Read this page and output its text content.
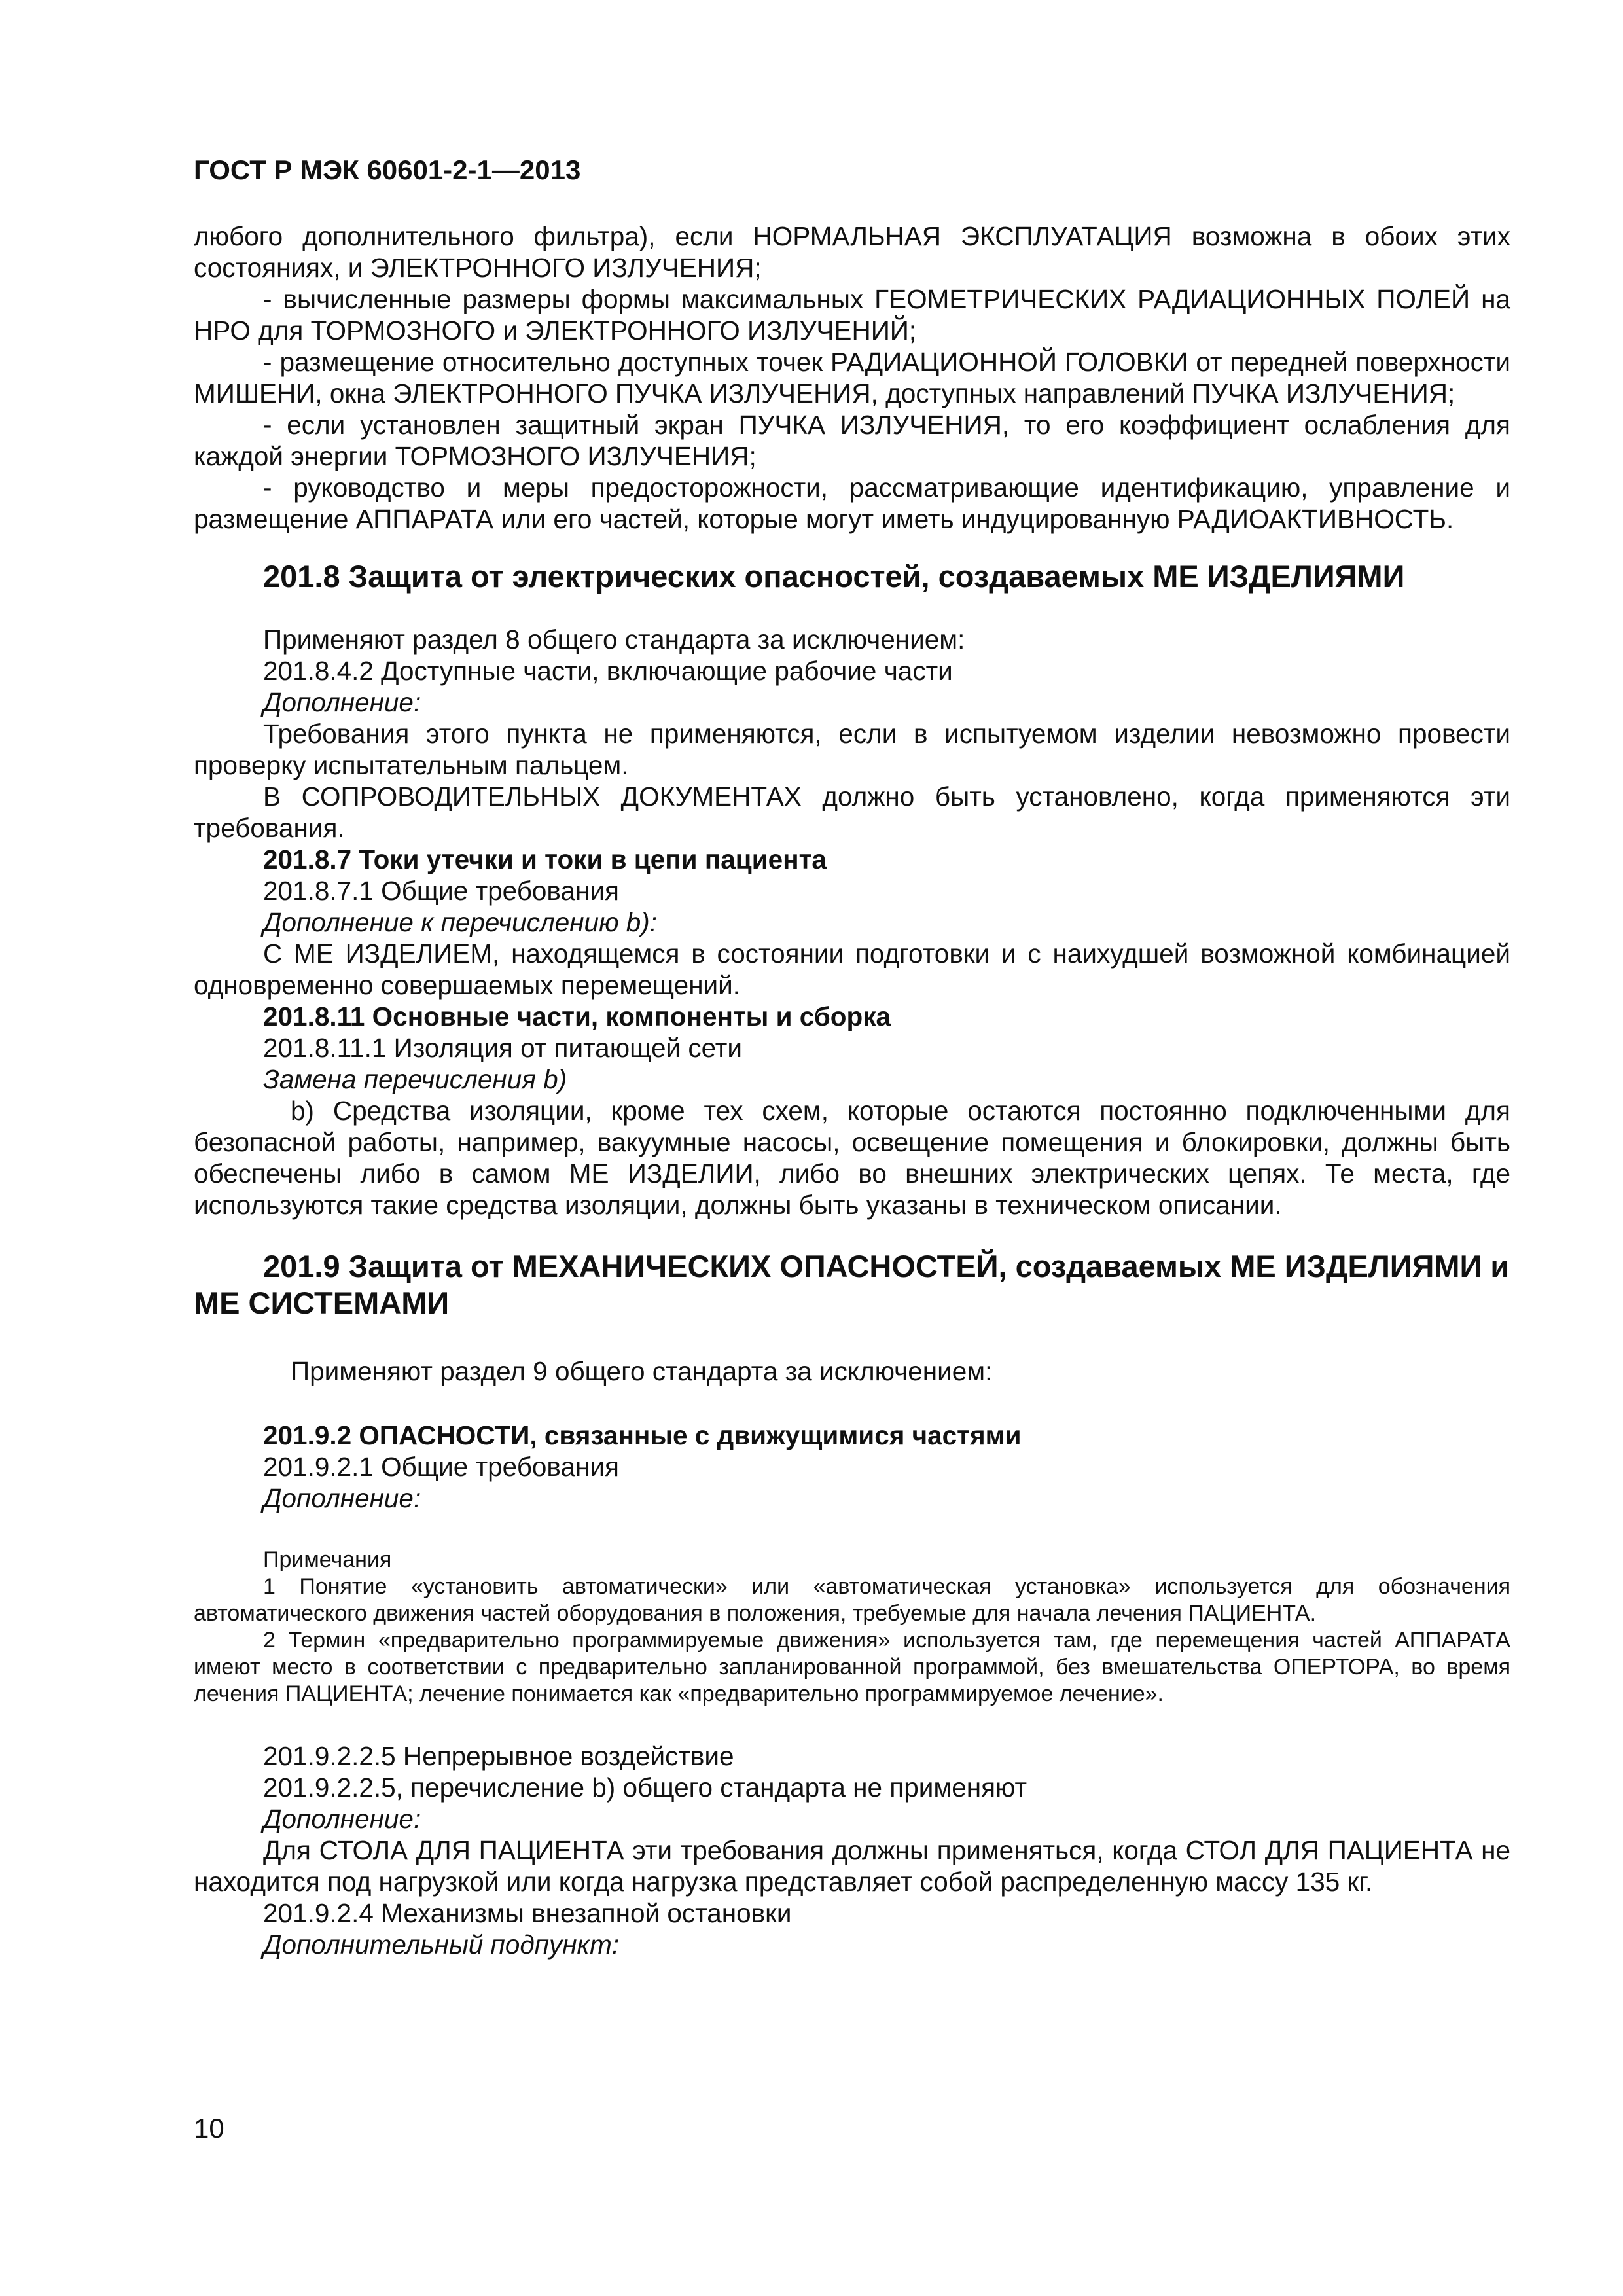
ГОСТ Р МЭК 60601-2-1—2013

любого дополнительного фильтра), если НОРМАЛЬНАЯ ЭКСПЛУАТАЦИЯ возможна в обоих этих состояниях, и ЭЛЕКТРОННОГО ИЗЛУЧЕНИЯ;

- вычисленные размеры формы максимальных ГЕОМЕТРИЧЕСКИХ РАДИАЦИОННЫХ ПОЛЕЙ на НРО для ТОРМОЗНОГО и ЭЛЕКТРОННОГО ИЗЛУЧЕНИЙ;

- размещение относительно доступных точек РАДИАЦИОННОЙ ГОЛОВКИ от передней поверхности МИШЕНИ, окна ЭЛЕКТРОННОГО ПУЧКА ИЗЛУЧЕНИЯ, доступных направлений ПУЧКА ИЗЛУЧЕНИЯ;

- если установлен защитный экран ПУЧКА ИЗЛУЧЕНИЯ, то его коэффициент ослабления для каждой энергии ТОРМОЗНОГО ИЗЛУЧЕНИЯ;

- руководство и меры предосторожности, рассматривающие идентификацию, управление и размещение АППАРАТА или его частей, которые могут иметь индуцированную РАДИОАКТИВНОСТЬ.

201.8 Защита от электрических опасностей, создаваемых МЕ ИЗДЕЛИЯМИ

Применяют раздел 8 общего стандарта за исключением:

201.8.4.2 Доступные части, включающие рабочие части

Дополнение:

Требования этого пункта не применяются, если в испытуемом изделии невозможно провести проверку испытательным пальцем.

В СОПРОВОДИТЕЛЬНЫХ ДОКУМЕНТАХ должно быть установлено, когда применяются эти требования.

201.8.7 Токи утечки и токи в цепи пациента

201.8.7.1 Общие требования

Дополнение к перечислению b):

С МЕ ИЗДЕЛИЕМ, находящемся в состоянии подготовки и с наихудшей возможной комбинацией одновременно совершаемых перемещений.

201.8.11 Основные части, компоненты и сборка

201.8.11.1 Изоляция от питающей сети

Замена перечисления b)

b) Средства изоляции, кроме тех схем, которые остаются постоянно подключенными для безопасной работы, например, вакуумные насосы, освещение помещения и блокировки, должны быть обеспечены либо в самом МЕ ИЗДЕЛИИ, либо во внешних электрических цепях. Те места, где используются такие средства изоляции, должны быть указаны в техническом описании.

201.9 Защита от МЕХАНИЧЕСКИХ ОПАСНОСТЕЙ, создаваемых МЕ ИЗДЕЛИЯМИ и МЕ СИСТЕМАМИ

Применяют раздел 9 общего стандарта за исключением:

201.9.2 ОПАСНОСТИ, связанные с движущимися частями

201.9.2.1 Общие требования

Дополнение:

Примечания

1 Понятие «установить автоматически» или «автоматическая установка» используется для обозначения автоматического движения частей оборудования в положения, требуемые для начала лечения ПАЦИЕНТА.

2 Термин «предварительно программируемые движения» используется там, где перемещения частей АППАРАТА имеют место в соответствии с предварительно запланированной программой, без вмешательства ОПЕРТОРА, во время лечения ПАЦИЕНТА; лечение понимается как «предварительно программируемое лечение».

201.9.2.2.5 Непрерывное воздействие

201.9.2.2.5, перечисление b) общего стандарта не применяют

Дополнение:

Для СТОЛА ДЛЯ ПАЦИЕНТА эти требования должны применяться, когда СТОЛ ДЛЯ ПАЦИЕНТА не находится под нагрузкой или когда нагрузка представляет собой распределенную массу 135 кг.

201.9.2.4 Механизмы внезапной остановки

Дополнительный подпункт:

10
